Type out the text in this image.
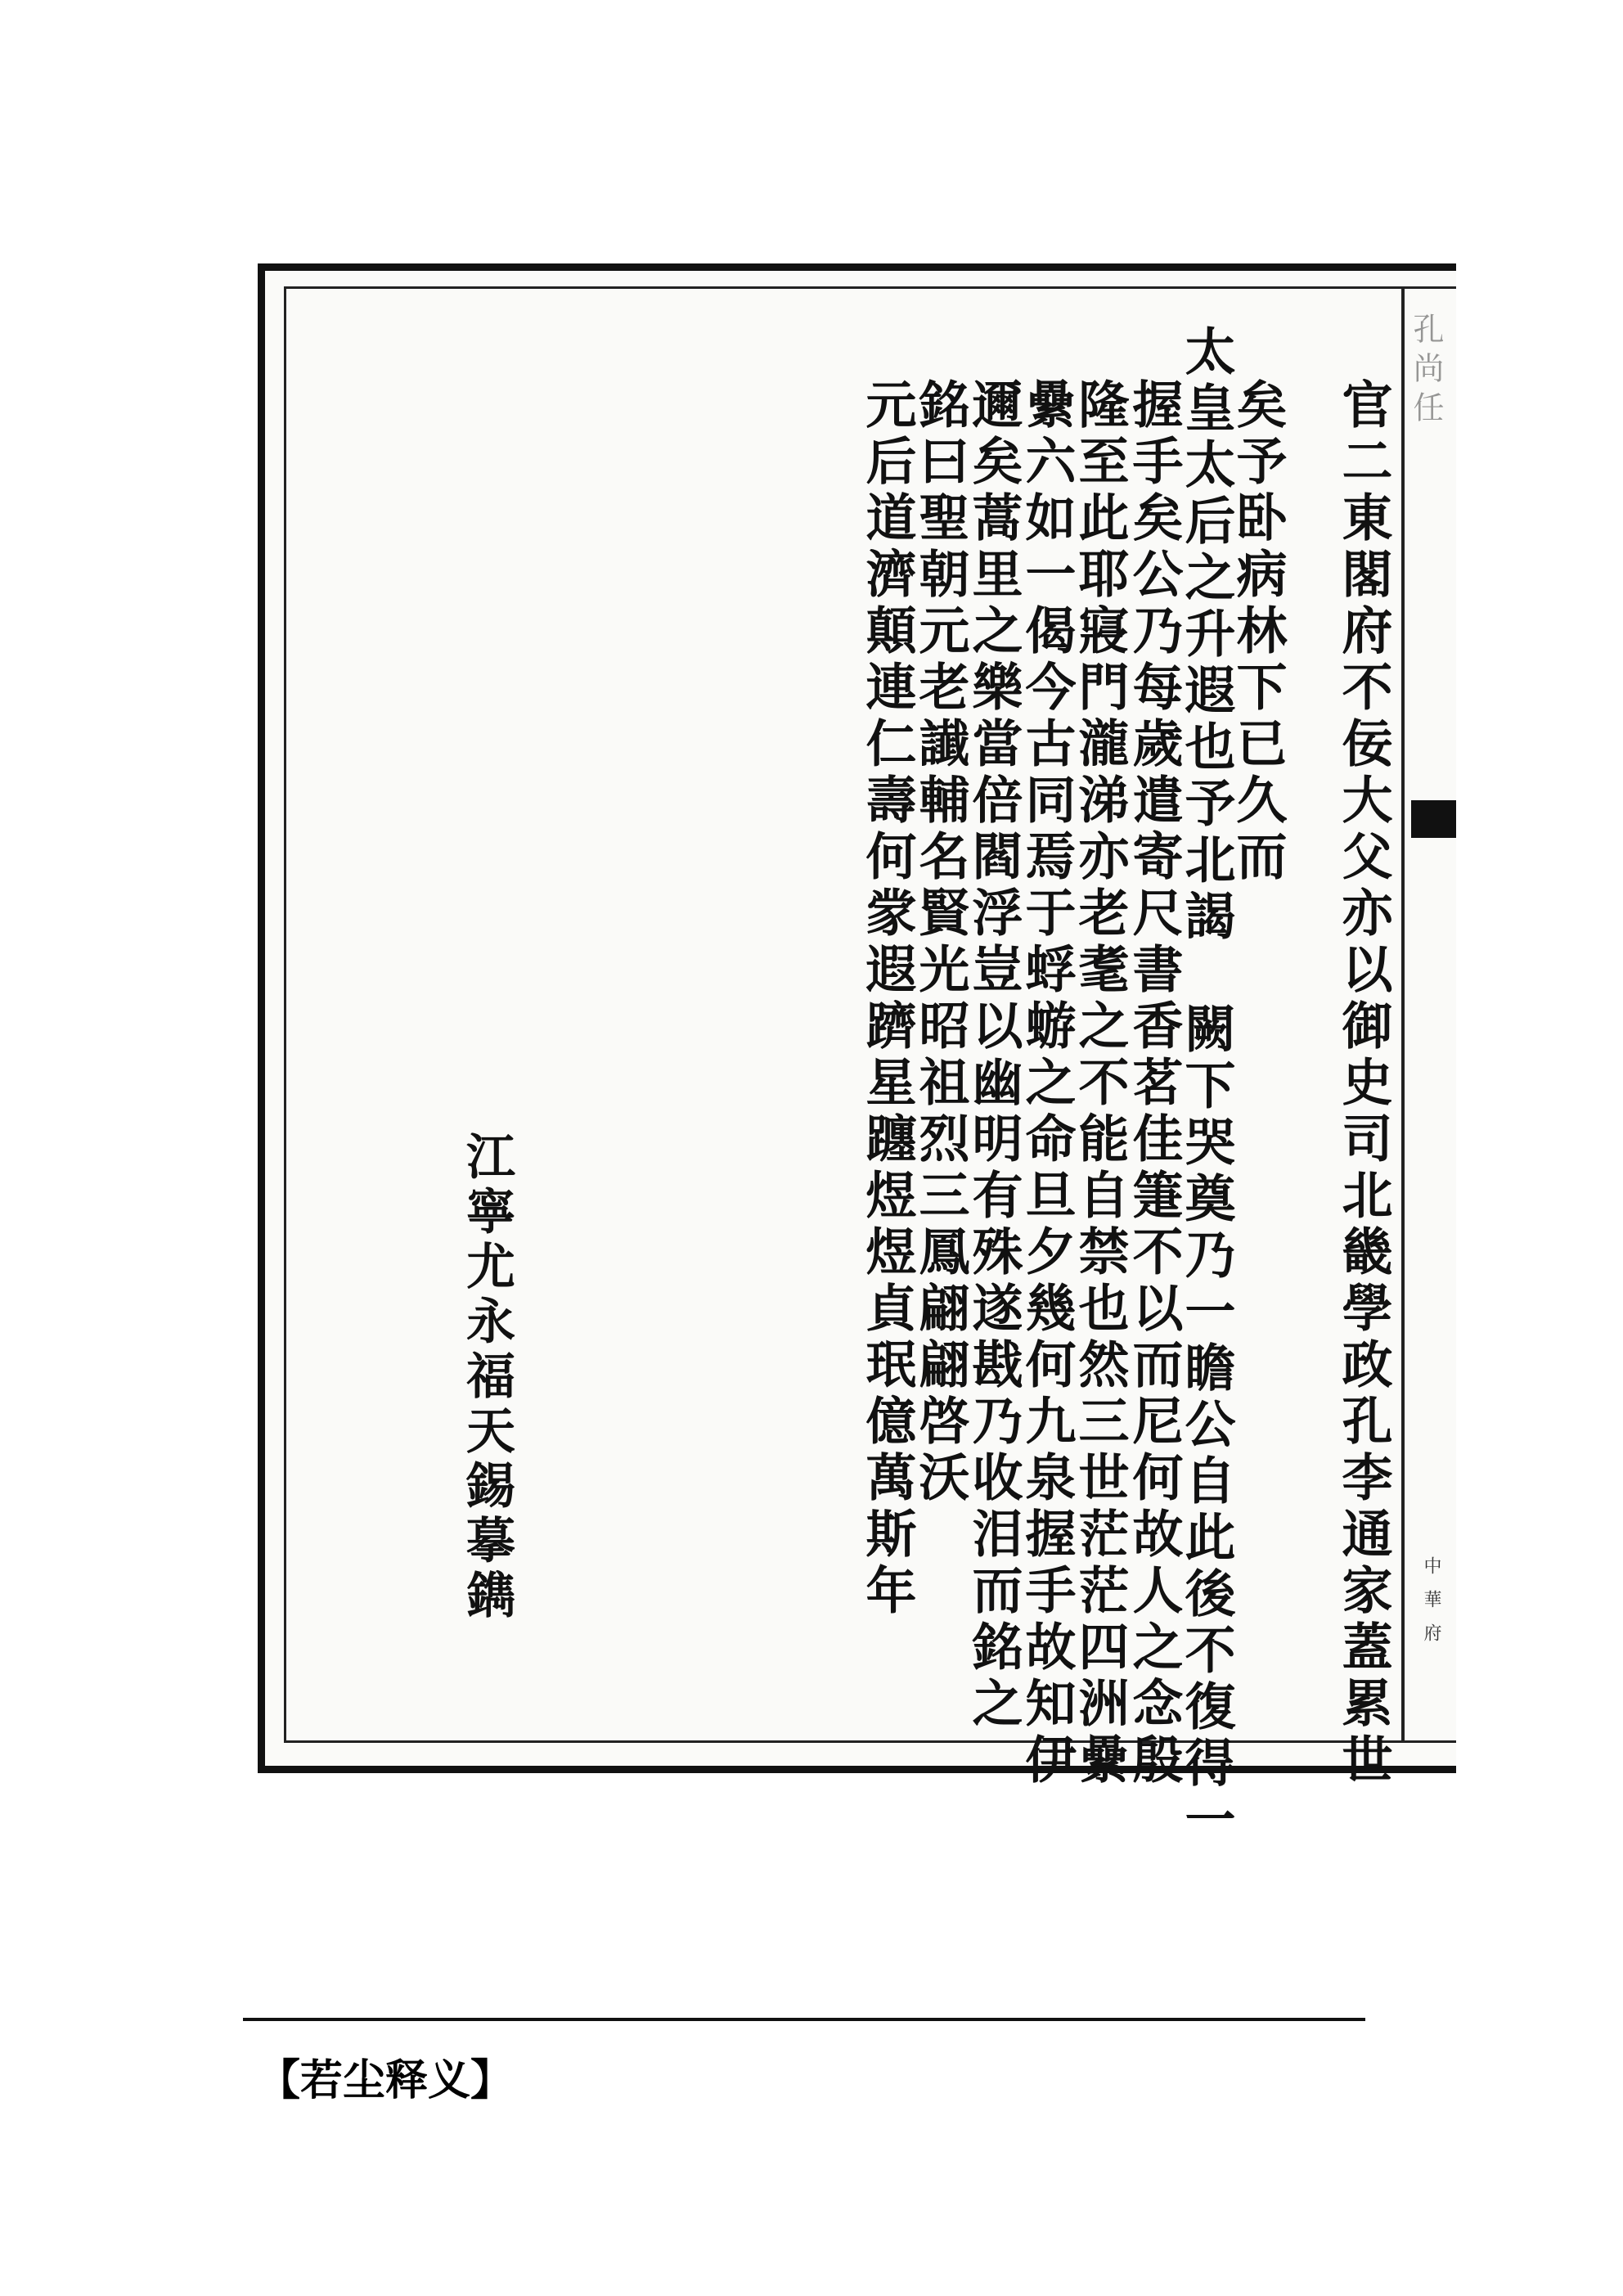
孔尚任
中 華 府
官二東閣府不佞大父亦以御史司北畿學政孔李通家蓋累世
矣予卧病林下已久而
太皇太后之升遐也予北謁　闕下哭奠乃一瞻公自此後不復得一
握手矣公乃每歲遣寄尺書香茗佳箑不以而尼何故人之念殷
隆至此耶寢門瀧涕亦老耄之不能自禁也然三世茫茫四洲纍
纍六如一偈今古同焉于蜉蝣之命旦夕幾何九泉握手故知伊
邇矣蒿里之樂當倍閻浮豈以幽明有殊遂戡乃收泪而銘之
銘曰聖朝元老䜟輔名賢光昭祖烈三鳳翩翩啓沃
元后道濟顛連仁壽何䝉遐躋星躔煜煜貞珉億萬斯年
江寧尤永福天錫摹鐫
【若尘释义】
